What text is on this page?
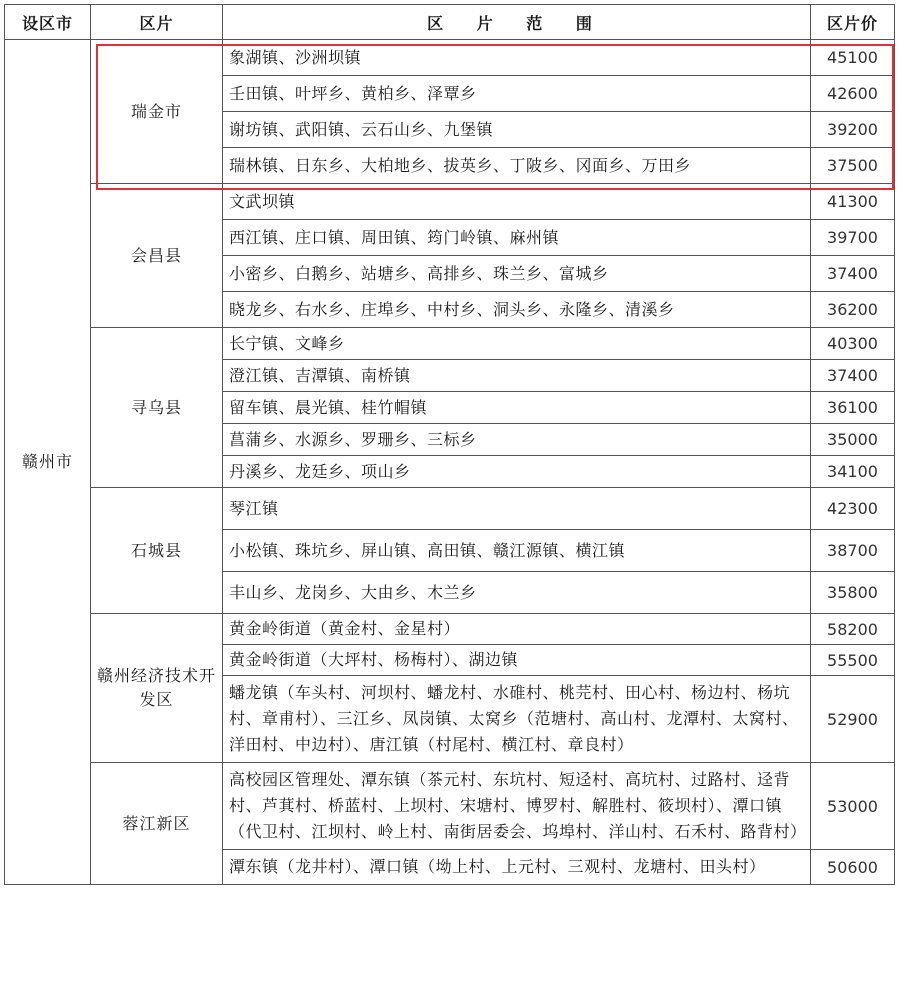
设区市	区片	区 片 范 围	区片价
赣州市	瑞金市	象湖镇、沙洲坝镇	45100
		壬田镇、叶坪乡、黄柏乡、泽覃乡	42600
		谢坊镇、武阳镇、云石山乡、九堡镇	39200
		瑞林镇、日东乡、大柏地乡、拔英乡、丁陂乡、冈面乡、万田乡	37500
	会昌县	文武坝镇	41300
		西江镇、庄口镇、周田镇、筠门岭镇、麻州镇	39700
		小密乡、白鹅乡、站塘乡、高排乡、珠兰乡、富城乡	37400
		晓龙乡、右水乡、庄埠乡、中村乡、洞头乡、永隆乡、清溪乡	36200
	寻乌县	长宁镇、文峰乡	40300
		澄江镇、吉潭镇、南桥镇	37400
		留车镇、晨光镇、桂竹帽镇	36100
		菖蒲乡、水源乡、罗珊乡、三标乡	35000
		丹溪乡、龙廷乡、项山乡	34100
	石城县	琴江镇	42300
		小松镇、珠坑乡、屏山镇、高田镇、赣江源镇、横江镇	38700
		丰山乡、龙岗乡、大由乡、木兰乡	35800
	赣州经济技术开发区	黄金岭街道（黄金村、金星村）	58200
		黄金岭街道（大坪村、杨梅村）、湖边镇	55500
		蟠龙镇（车头村、河坝村、蟠龙村、水碓村、桃芫村、田心村、杨边村、杨坑村、章甫村）、三江乡、凤岗镇、太窝乡（范塘村、高山村、龙潭村、太窝村、洋田村、中边村）、唐江镇（村尾村、横江村、章良村）	52900
	蓉江新区	高校园区管理处、潭东镇（茶元村、东坑村、短迳村、高坑村、过路村、迳背村、芦萁村、桥蓝村、上坝村、宋塘村、博罗村、解胜村、筱坝村）、潭口镇（代卫村、江坝村、岭上村、南街居委会、坞埠村、洋山村、石禾村、路背村）	53000
		潭东镇（龙井村）、潭口镇（坳上村、上元村、三观村、龙塘村、田头村）	50600
